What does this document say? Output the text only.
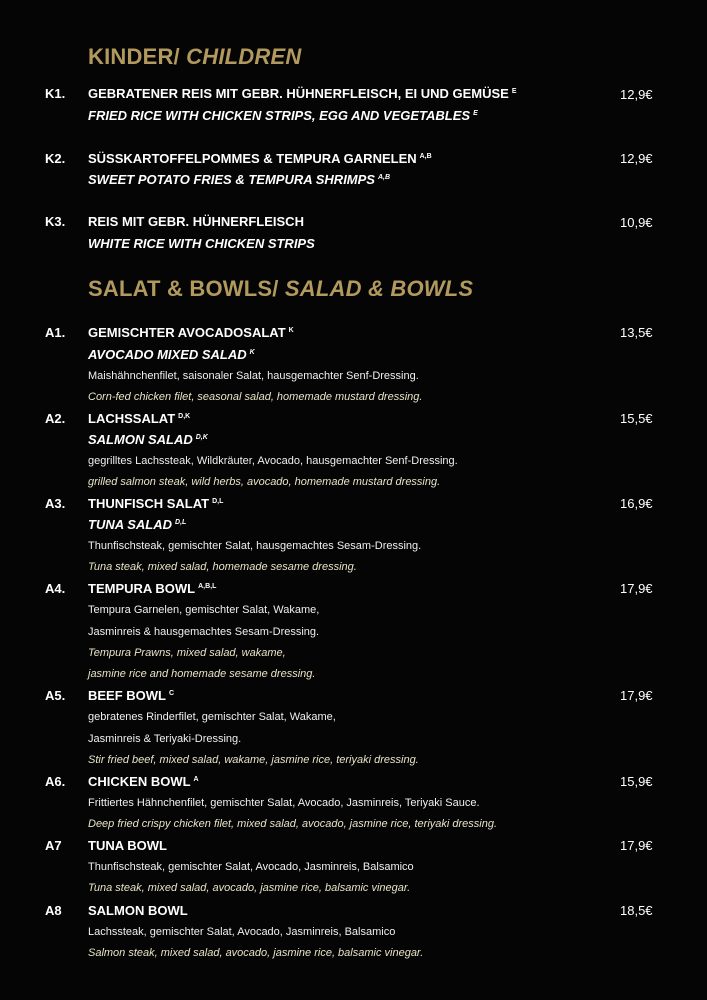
KINDER/ CHILDREN
K1. GEBRATENER REIS MIT GEBR. HÜHNERFLEISCH, EI UND GEMÜSE $^E$	12,9€
FRIED RICE WITH CHICKEN STRIPS, EGG AND VEGETABLES $^E$
K2. SÜSSKARTOFFELPOMMES & TEMPURA GARNELEN $^{A,B}$	12,9€
SWEET POTATO FRIES & TEMPURA SHRIMPS $^{A,B}$
K3. REIS MIT GEBR. HÜHNERFLEISCH	10,9€
WHITE RICE WITH CHICKEN STRIPS
SALAT & BOWLS/ SALAD & BOWLS
A1. GEMISCHTER AVOCADOSALAT $^K$	13,5€
AVOCADO MIXED SALAD $^K$
Maishähnchenfilet, saisonaler Salat, hausgemachter Senf-Dressing.
Corn-fed chicken filet, seasonal salad, homemade mustard dressing.
A2. LACHSSALAT $^{D,K}$	15,5€
SALMON SALAD $^{D,K}$
gegrilltes Lachssteak, Wildkräuter, Avocado, hausgemachter Senf-Dressing.
grilled salmon steak, wild herbs, avocado, homemade mustard dressing.
A3. THUNFISCH SALAT $^{D,L}$	16,9€
TUNA SALAD $^{D,L}$
Thunfischsteak, gemischter Salat, hausgemachtes Sesam-Dressing.
Tuna steak, mixed salad, homemade sesame dressing.
A4. TEMPURA BOWL $^{A,B,L}$	17,9€
Tempura Garnelen, gemischter Salat, Wakame,
Jasminreis & hausgemachtes Sesam-Dressing.
Tempura Prawns, mixed salad, wakame,
jasmine rice and homemade sesame dressing.
A5. BEEF BOWL $^C$	17,9€
gebratenes Rinderfilet, gemischter Salat, Wakame,
Jasminreis & Teriyaki-Dressing.
Stir fried beef, mixed salad, wakame, jasmine rice, teriyaki dressing.
A6. CHICKEN BOWL $^A$	15,9€
Frittiertes Hähnchenfilet, gemischter Salat, Avocado, Jasminreis, Teriyaki Sauce.
Deep fried crispy chicken filet, mixed salad, avocado, jasmine rice, teriyaki dressing.
A7 TUNA BOWL	17,9€
Thunfischsteak, gemischter Salat, Avocado, Jasminreis, Balsamico
Tuna steak, mixed salad, avocado, jasmine rice, balsamic vinegar.
A8 SALMON BOWL	18,5€
Lachssteak, gemischter Salat, Avocado, Jasminreis, Balsamico
Salmon steak, mixed salad, avocado, jasmine rice, balsamic vinegar.
